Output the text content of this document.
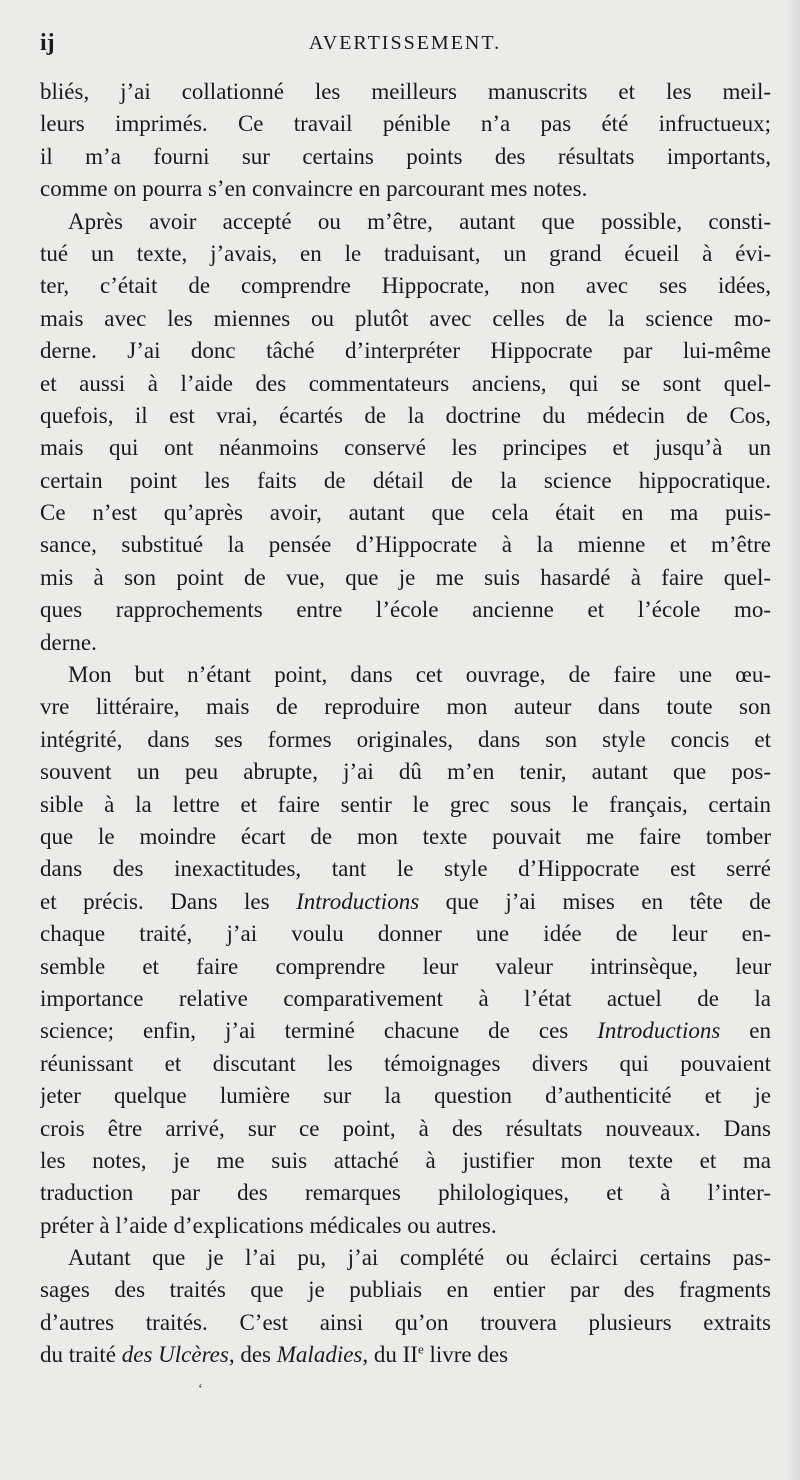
ij	AVERTISSEMENT.
bliés, j’ai collationné les meilleurs manuscrits et les meil-
leurs imprimés. Ce travail pénible n’a pas été infructueux;
il m’a fourni sur certains points des résultats importants,
comme on pourra s’en convaincre en parcourant mes notes.
Après avoir accepté ou m’être, autant que possible, consti-
tué un texte, j’avais, en le traduisant, un grand écueil à évi-
ter, c’était de comprendre Hippocrate, non avec ses idées,
mais avec les miennes ou plutôt avec celles de la science mo-
derne. J’ai donc tâché d’interpréter Hippocrate par lui-même
et aussi à l’aide des commentateurs anciens, qui se sont quel-
quefois, il est vrai, écartés de la doctrine du médecin de Cos,
mais qui ont néanmoins conservé les principes et jusqu’à un
certain point les faits de détail de la science hippocratique.
Ce n’est qu’après avoir, autant que cela était en ma puis-
sance, substitué la pensée d’Hippocrate à la mienne et m’être
mis à son point de vue, que je me suis hasardé à faire quel-
ques rapprochements entre l’école ancienne et l’école mo-
derne.
Mon but n’étant point, dans cet ouvrage, de faire une œu-
vre littéraire, mais de reproduire mon auteur dans toute son
intégrité, dans ses formes originales, dans son style concis et
souvent un peu abrupte, j’ai dû m’en tenir, autant que pos-
sible à la lettre et faire sentir le grec sous le français, certain
que le moindre écart de mon texte pouvait me faire tomber
dans des inexactitudes, tant le style d’Hippocrate est serré
et précis. Dans les Introductions que j’ai mises en tête de
chaque traité, j’ai voulu donner une idée de leur en-
semble et faire comprendre leur valeur intrinsèque, leur
importance relative comparativement à l’état actuel de la
science; enfin, j’ai terminé chacune de ces Introductions en
réunissant et discutant les témoignages divers qui pouvaient
jeter quelque lumière sur la question d’authenticité et je
crois être arrivé, sur ce point, à des résultats nouveaux. Dans
les notes, je me suis attaché à justifier mon texte et ma
traduction par des remarques philologiques, et à l’inter-
préter à l’aide d’explications médicales ou autres.
Autant que je l’ai pu, j’ai complété ou éclairci certains pas-
sages des traités que je publiais en entier par des fragments
d’autres traités. C’est ainsi qu’on trouvera plusieurs extraits
du traité des Ulcères, des Maladies, du IIe livre des
ʻ
